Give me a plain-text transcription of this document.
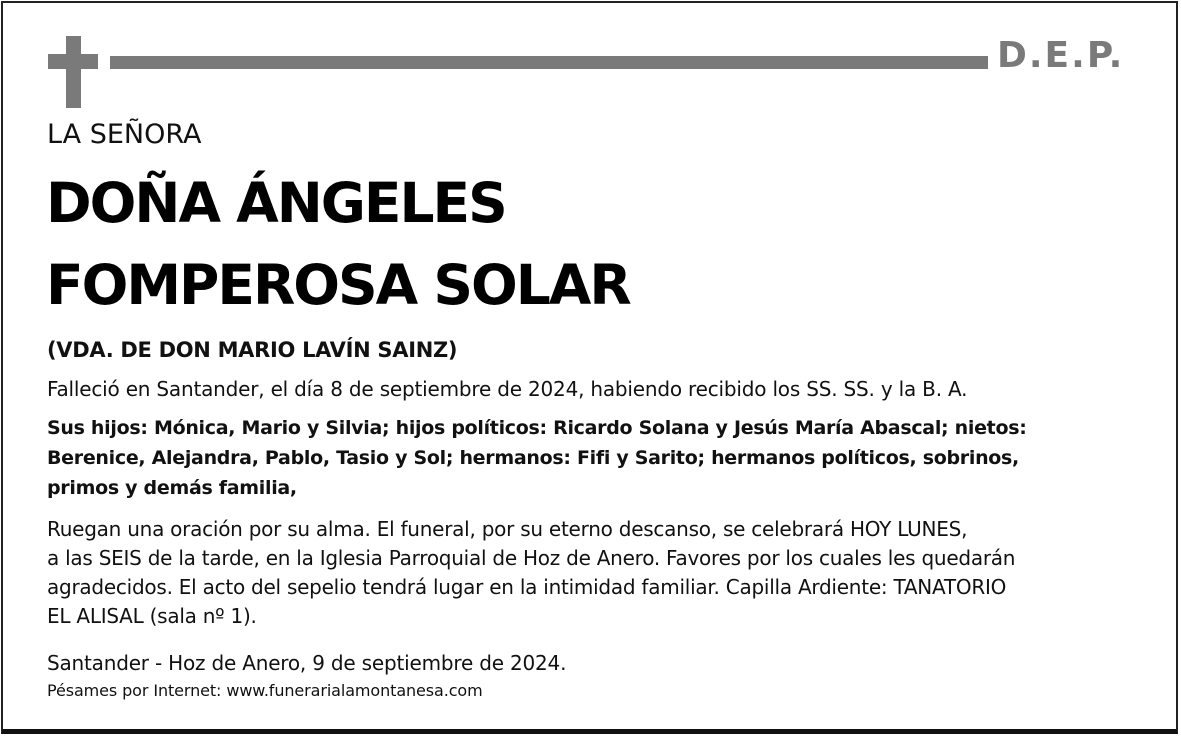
D.E.P.
LA SEÑORA
DOÑA ÁNGELES
FOMPEROSA SOLAR
(VDA. DE DON MARIO LAVÍN SAINZ)
Falleció en Santander, el día 8 de septiembre de 2024, habiendo recibido los SS. SS. y la B. A.
Sus hijos: Mónica, Mario y Silvia; hijos políticos: Ricardo Solana y Jesús María Abascal; nietos:
Berenice, Alejandra, Pablo, Tasio y Sol; hermanos: Fifi y Sarito; hermanos políticos, sobrinos,
primos y demás familia,
Ruegan una oración por su alma. El funeral, por su eterno descanso, se celebrará HOY LUNES,
a las SEIS de la tarde, en la Iglesia Parroquial de Hoz de Anero. Favores por los cuales les quedarán
agradecidos. El acto del sepelio tendrá lugar en la intimidad familiar. Capilla Ardiente: TANATORIO
EL ALISAL (sala nº 1).
Santander - Hoz de Anero, 9 de septiembre de 2024.
Pésames por Internet: www.funerarialamontanesa.com
